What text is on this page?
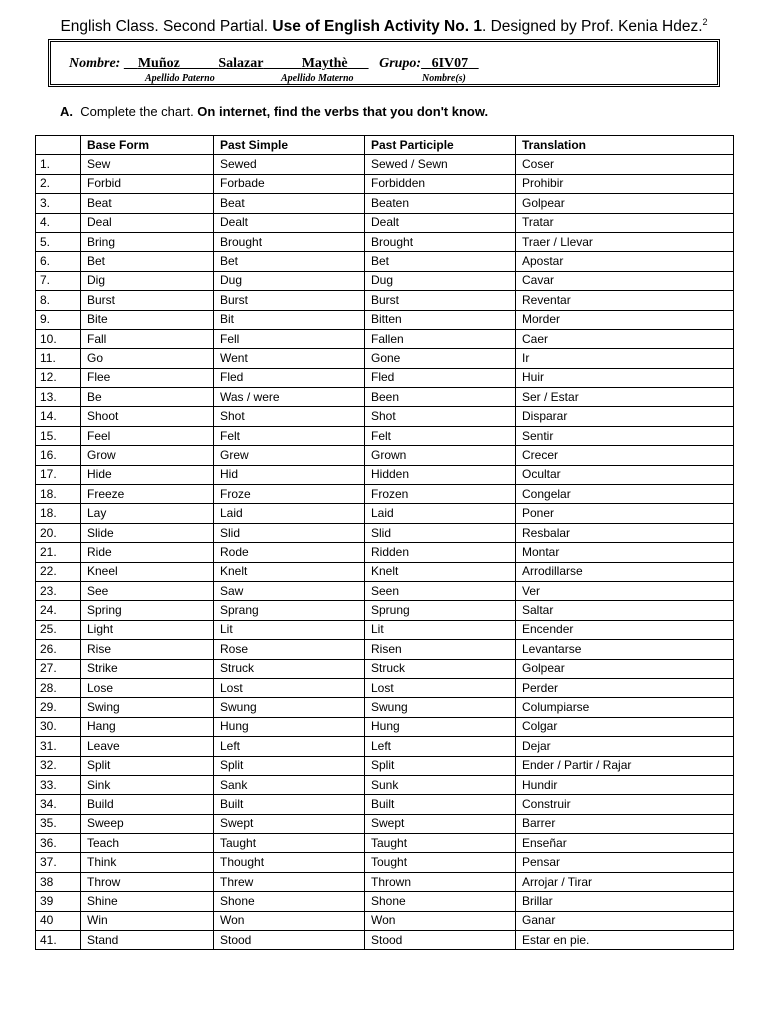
English Class. Second Partial. Use of English Activity No. 1. Designed by Prof. Kenia Hdez.$^2$
Nombre: Muñoz	Salazar	Maythè Grupo: 6IV07
Apellido Paterno	Apellido Materno	Nombre(s)
A. Complete the chart. On internet, find the verbs that you don't know.
	Base Form	Past Simple	Past Participle	Translation
1.	Sew	Sewed	Sewed / Sewn	Coser
2.	Forbid	Forbade	Forbidden	Prohibir
3.	Beat	Beat	Beaten	Golpear
4.	Deal	Dealt	Dealt	Tratar
5.	Bring	Brought	Brought	Traer / Llevar
6.	Bet	Bet	Bet	Apostar
7.	Dig	Dug	Dug	Cavar
8.	Burst	Burst	Burst	Reventar
9.	Bite	Bit	Bitten	Morder
10.	Fall	Fell	Fallen	Caer
11.	Go	Went	Gone	Ir
12.	Flee	Fled	Fled	Huir
13.	Be	Was / were	Been	Ser / Estar
14.	Shoot	Shot	Shot	Disparar
15.	Feel	Felt	Felt	Sentir
16.	Grow	Grew	Grown	Crecer
17.	Hide	Hid	Hidden	Ocultar
18.	Freeze	Froze	Frozen	Congelar
18.	Lay	Laid	Laid	Poner
20.	Slide	Slid	Slid	Resbalar
21.	Ride	Rode	Ridden	Montar
22.	Kneel	Knelt	Knelt	Arrodillarse
23.	See	Saw	Seen	Ver
24.	Spring	Sprang	Sprung	Saltar
25.	Light	Lit	Lit	Encender
26.	Rise	Rose	Risen	Levantarse
27.	Strike	Struck	Struck	Golpear
28.	Lose	Lost	Lost	Perder
29.	Swing	Swung	Swung	Columpiarse
30.	Hang	Hung	Hung	Colgar
31.	Leave	Left	Left	Dejar
32.	Split	Split	Split	Ender / Partir / Rajar
33.	Sink	Sank	Sunk	Hundir
34.	Build	Built	Built	Construir
35.	Sweep	Swept	Swept	Barrer
36.	Teach	Taught	Taught	Enseñar
37.	Think	Thought	Tought	Pensar
38	Throw	Threw	Thrown	Arrojar / Tirar
39	Shine	Shone	Shone	Brillar
40	Win	Won	Won	Ganar
41.	Stand	Stood	Stood	Estar en pie.
